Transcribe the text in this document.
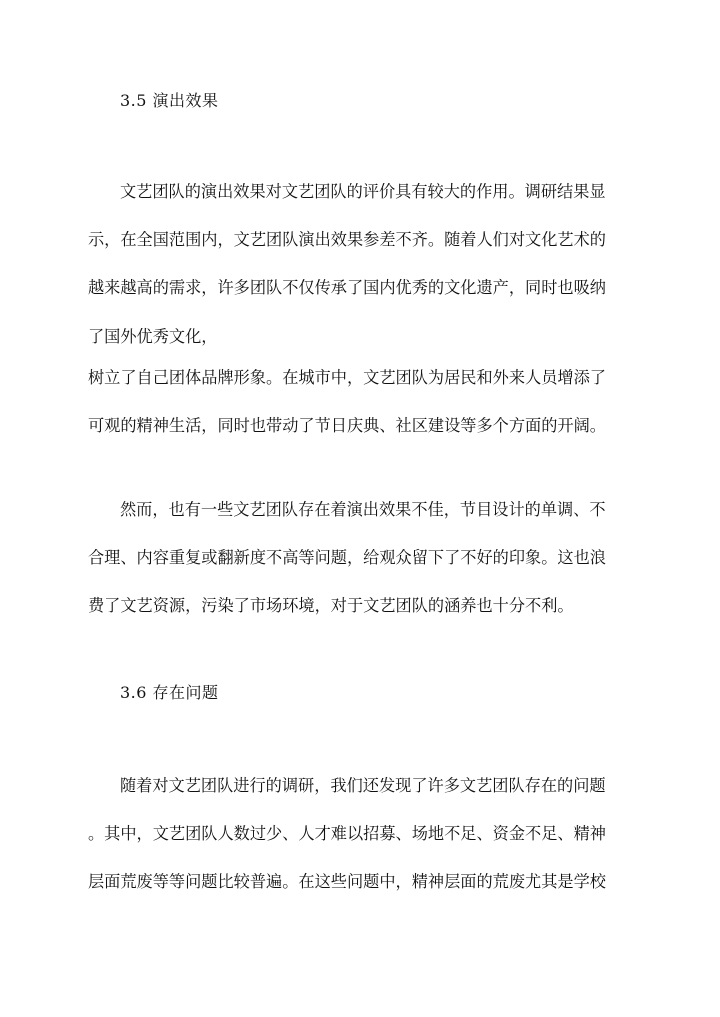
3.5 演出效果
文艺团队的演出效果对文艺团队的评价具有较大的作用。调研结果显
示，在全国范围内，文艺团队演出效果参差不齐。随着人们对文化艺术的
越来越高的需求，许多团队不仅传承了国内优秀的文化遗产，同时也吸纳
了国外优秀文化，
树立了自己团体品牌形象。在城市中，文艺团队为居民和外来人员增添了
可观的精神生活，同时也带动了节日庆典、社区建设等多个方面的开阔。
然而，也有一些文艺团队存在着演出效果不佳，节目设计的单调、不
合理、内容重复或翻新度不高等问题，给观众留下了不好的印象。这也浪
费了文艺资源，污染了市场环境，对于文艺团队的涵养也十分不利。
3.6 存在问题
随着对文艺团队进行的调研，我们还发现了许多文艺团队存在的问题
。其中，文艺团队人数过少、人才难以招募、场地不足、资金不足、精神
层面荒废等等问题比较普遍。在这些问题中，精神层面的荒废尤其是学校
